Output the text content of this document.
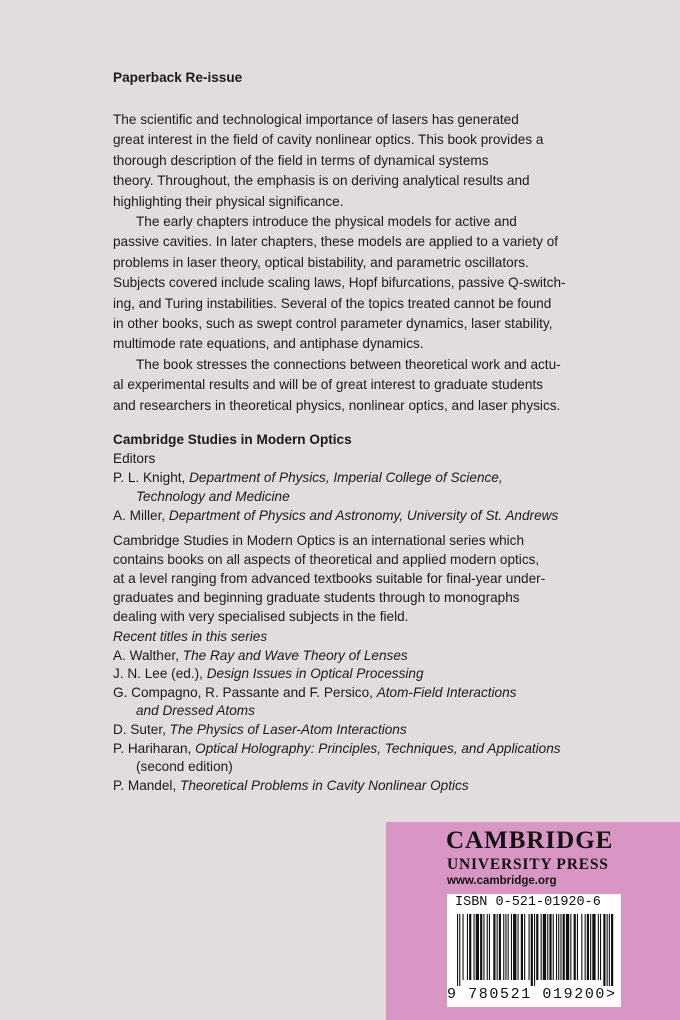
Paperback Re-issue
The scientific and technological importance of lasers has generated
great interest in the field of cavity nonlinear optics. This book provides a
thorough description of the field in terms of dynamical systems
theory. Throughout, the emphasis is on deriving analytical results and
highlighting their physical significance.
The early chapters introduce the physical models for active and
passive cavities. In later chapters, these models are applied to a variety of
problems in laser theory, optical bistability, and parametric oscillators.
Subjects covered include scaling laws, Hopf bifurcations, passive Q-switch-
ing, and Turing instabilities. Several of the topics treated cannot be found
in other books, such as swept control parameter dynamics, laser stability,
multimode rate equations, and antiphase dynamics.
The book stresses the connections between theoretical work and actu-
al experimental results and will be of great interest to graduate students
and researchers in theoretical physics, nonlinear optics, and laser physics.
Cambridge Studies in Modern Optics
Editors
P. L. Knight, Department of Physics, Imperial College of Science,
Technology and Medicine
A. Miller, Department of Physics and Astronomy, University of St. Andrews
Cambridge Studies in Modern Optics is an international series which
contains books on all aspects of theoretical and applied modern optics,
at a level ranging from advanced textbooks suitable for final-year under-
graduates and beginning graduate students through to monographs
dealing with very specialised subjects in the field.
Recent titles in this series
A. Walther, The Ray and Wave Theory of Lenses
J. N. Lee (ed.), Design Issues in Optical Processing
G. Compagno, R. Passante and F. Persico, Atom-Field Interactions
and Dressed Atoms
D. Suter, The Physics of Laser-Atom Interactions
P. Hariharan, Optical Holography: Principles, Techniques, and Applications
(second edition)
P. Mandel, Theoretical Problems in Cavity Nonlinear Optics
CAMBRIDGE
UNIVERSITY PRESS
www.cambridge.org
ISBN 0-521-01920-6
9 780521 019200>
